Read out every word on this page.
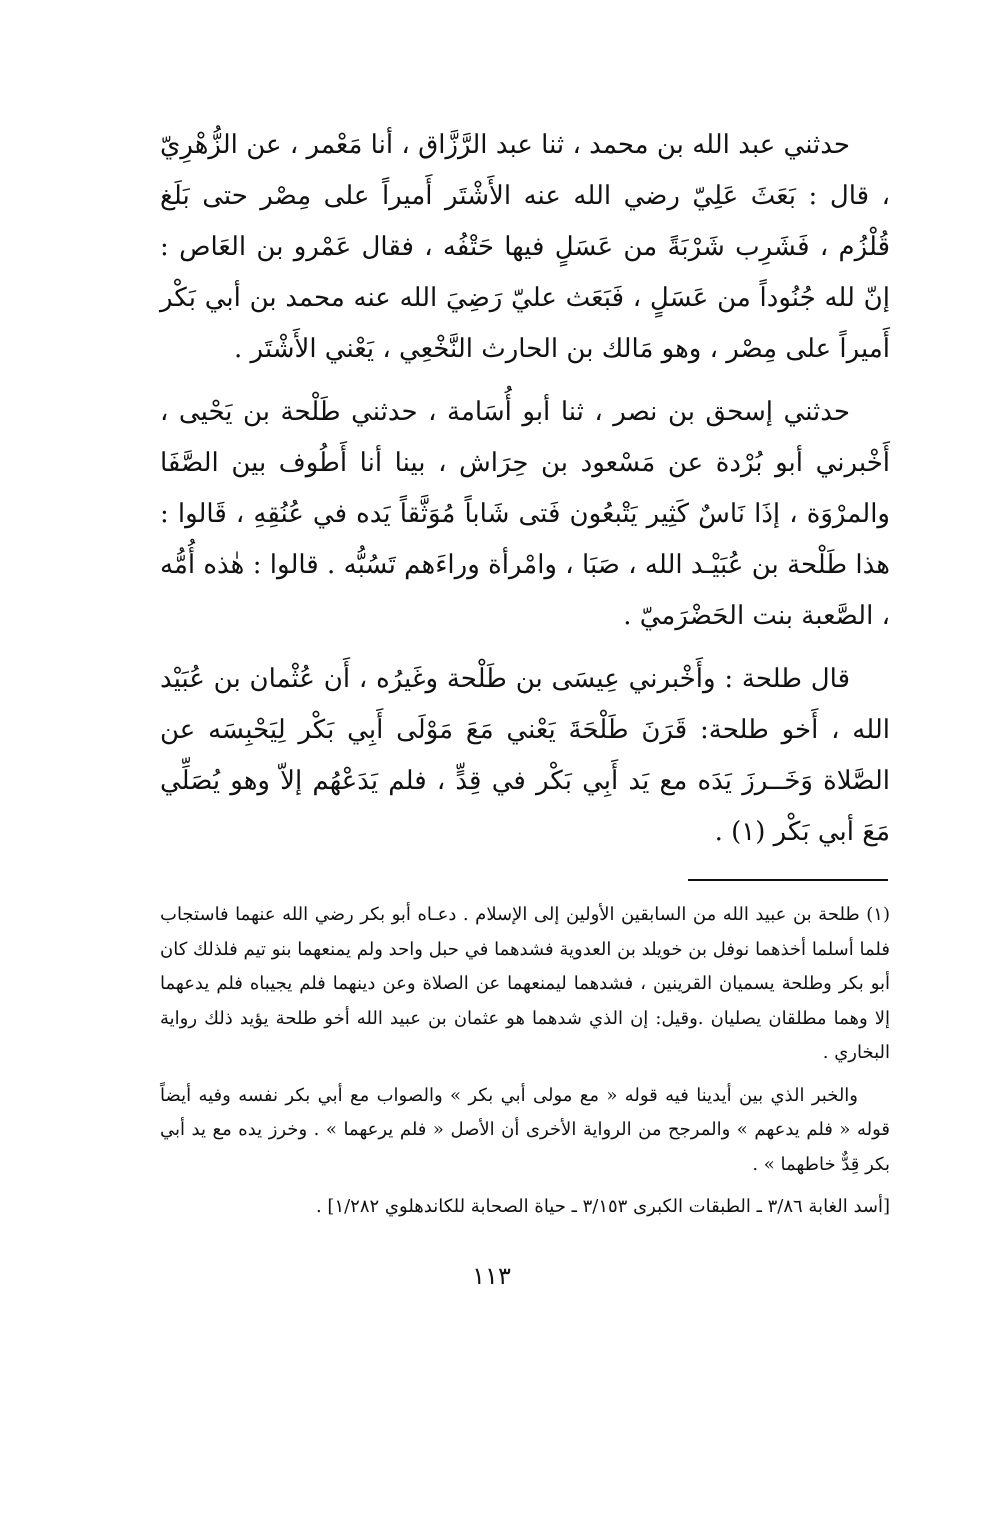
حدثني عبد الله بن محمد ، ثنا عبد الرَّزَّاق ، أنا مَعْمر ، عن الزُّهْرِيّ ، قال : بَعَثَ عَلِيّ رضي الله عنه الأَشْتَر أَميراً على مِصْر حتى بَلَغ قُلْزُم ، فَشَرِب شَرْبَةً من عَسَلٍ فيها حَتْفُه ، فقال عَمْرو بن العَاص : إنّ لله جُنُوداً من عَسَلٍ ، فَبَعَث عليّ رَضِيَ الله عنه محمد بن أبي بَكْر أَميراً على مِصْر ، وهو مَالك بن الحارث النَّخْعِي ، يَعْني الأَشْتَر .

حدثني إسحق بن نصر ، ثنا أبو أُسَامة ، حدثني طَلْحة بن يَحْيى ، أَخْبرني أبو بُرْدة عن مَسْعود بن حِرَاش ، بينا أنا أَطُوف بين الصَّفَا والمرْوَة ، إذَا نَاسٌ كَثِير يَتْبعُون فَتى شَاباً مُوَثَّقاً يَده في عُنُقِهِ ، قَالوا : هذا طَلْحة بن عُبَيْـد الله ، صَبَا ، وامْرأة وراءَهم تَسُبُّه . قالوا : هٰذه أُمُّه ، الصَّعبة بنت الحَضْرَميّ .

قال طلحة : وأَخْبرني عِيسَى بن طَلْحة وغَيرُه ، أَن عُثْمان بن عُبَيْد الله ، أَخو طلحة: قَرَنَ طَلْحَةَ يَعْني مَعَ مَوْلَى أَبِي بَكْر لِيَحْبِسَه عن الصَّلاة وَخَــرزَ يَدَه مع يَد أَبِي بَكْر في قِدٍّ ، فلم يَدَعْهُم إلاّ وهو يُصَلِّي مَعَ أبي بَكْر (١) .

(١) طلحة بن عبيد الله من السابقين الأولين إلى الإسلام . دعـاه أبو بكر رضي الله عنهما فاستجاب فلما أسلما أخذهما نوفل بن خويلد بن العدوية فشدهما في حبل واحد ولم يمنعهما بنو تيم فلذلك كان أبو بكر وطلحة يسميان القرينين ، فشدهما ليمنعهما عن الصلاة وعن دينهما فلم يجيباه فلم يدعهما إلا وهما مطلقان يصليان .وقيل: إن الذي شدهما هو عثمان بن عبيد الله أخو طلحة يؤيد ذلك رواية البخاري .

والخبر الذي بين أيدينا فيه قوله « مع مولى أبي بكر » والصواب مع أبي بكر نفسه وفيه أيضاً قوله « فلم يدعهم » والمرجح من الرواية الأخرى أن الأصل « فلم يرعهما » . وخرز يده مع يد أبي بكر قِدٌّ خاطهما » .

[أسد الغابة ٣/٨٦ ـ الطبقات الكبرى ٣/١٥٣ ـ حياة الصحابة للكاندهلوي ١/٢٨٢] .

١١٣
